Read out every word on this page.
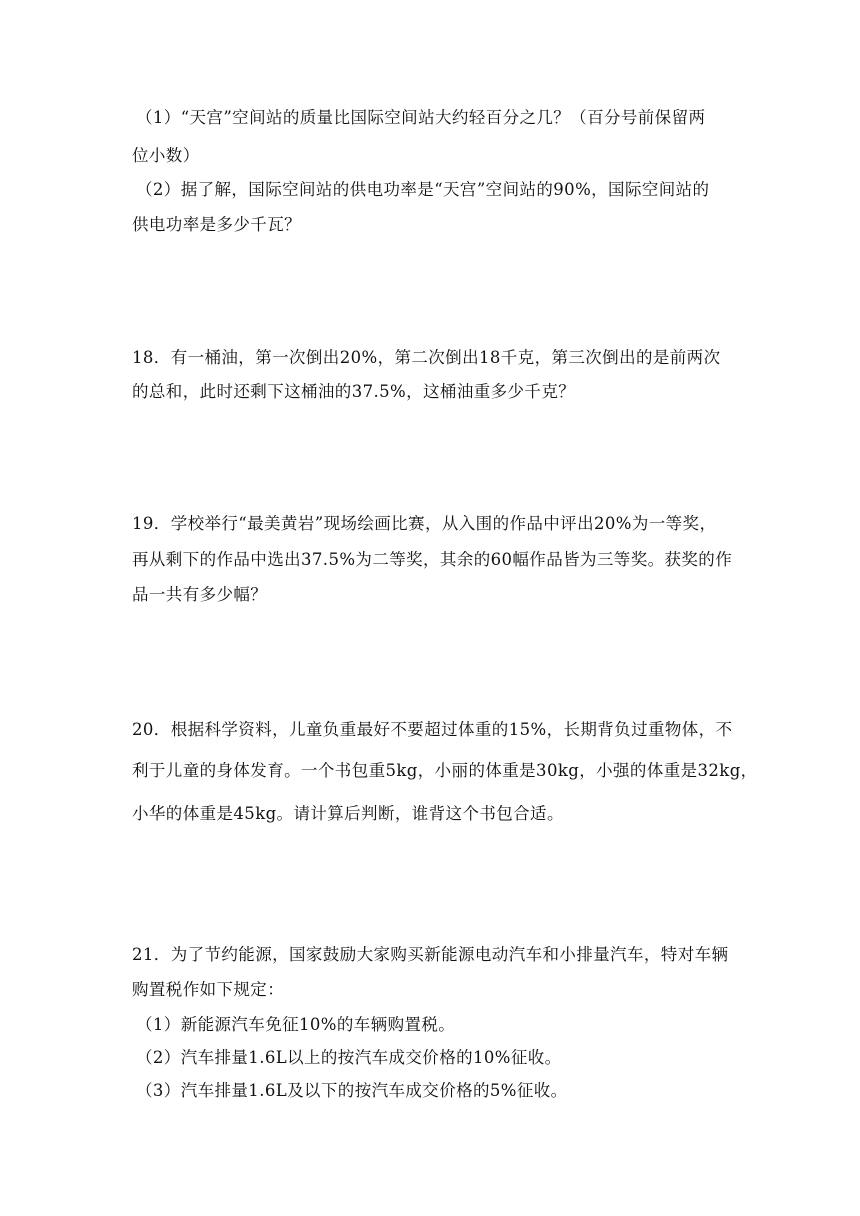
（1）“天宫”空间站的质量比国际空间站大约轻百分之几？（百分号前保留两
位小数）
（2）据了解，国际空间站的供电功率是“天宫”空间站的90%，国际空间站的
供电功率是多少千瓦？
18．有一桶油，第一次倒出20%，第二次倒出18千克，第三次倒出的是前两次
的总和，此时还剩下这桶油的37.5%，这桶油重多少千克？
19．学校举行“最美黄岩”现场绘画比赛，从入围的作品中评出20%为一等奖，
再从剩下的作品中选出37.5%为二等奖，其余的60幅作品皆为三等奖。获奖的作
品一共有多少幅？
20．根据科学资料，儿童负重最好不要超过体重的15%，长期背负过重物体，不
利于儿童的身体发育。一个书包重5kg，小丽的体重是30kg，小强的体重是32kg，
小华的体重是45kg。请计算后判断，谁背这个书包合适。
21．为了节约能源，国家鼓励大家购买新能源电动汽车和小排量汽车，特对车辆
购置税作如下规定：
（1）新能源汽车免征10%的车辆购置税。
（2）汽车排量1.6L以上的按汽车成交价格的10%征收。
（3）汽车排量1.6L及以下的按汽车成交价格的5%征收。
